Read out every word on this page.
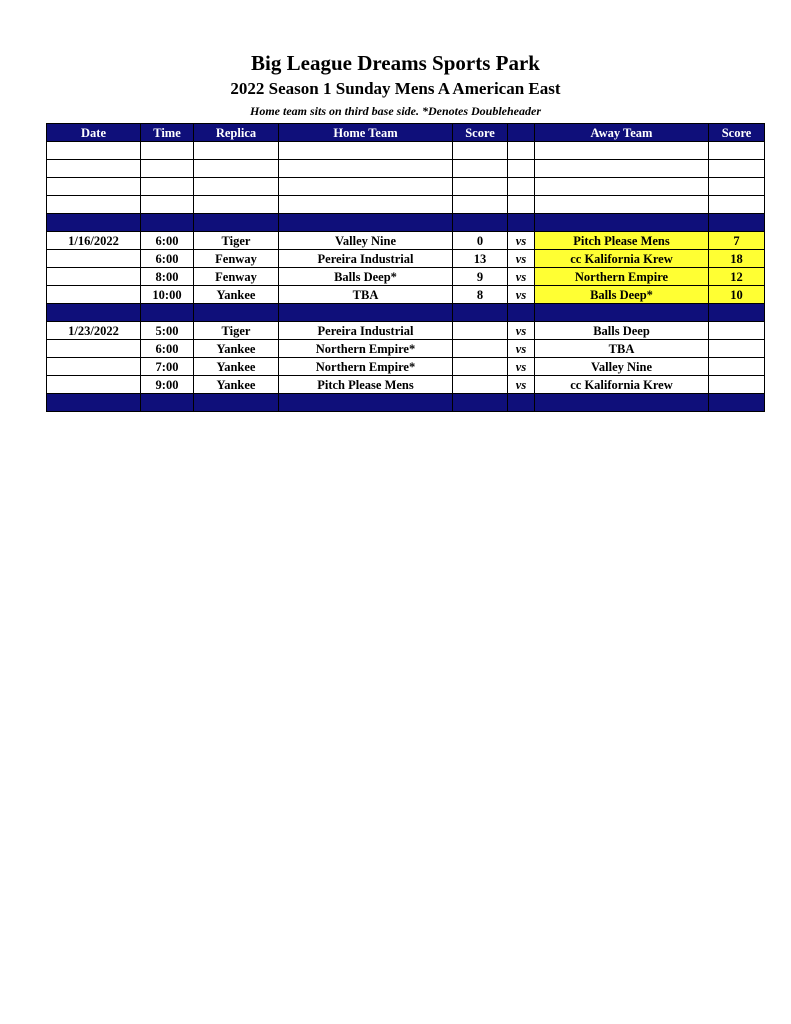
Big League Dreams Sports Park
2022 Season 1 Sunday Mens A American East
Home team sits on third base side. *Denotes Doubleheader
Date	Time	Replica	Home Team	Score		Away Team	Score

1/16/2022	6:00	Tiger	Valley Nine	0	vs	Pitch Please Mens	7
	6:00	Fenway	Pereira Industrial	13	vs	cc Kalifornia Krew	18
	8:00	Fenway	Balls Deep*	9	vs	Northern Empire	12
	10:00	Yankee	TBA	8	vs	Balls Deep*	10

1/23/2022	5:00	Tiger	Pereira Industrial		vs	Balls Deep	
	6:00	Yankee	Northern Empire*		vs	TBA	
	7:00	Yankee	Northern Empire*		vs	Valley Nine	
	9:00	Yankee	Pitch Please Mens		vs	cc Kalifornia Krew	
